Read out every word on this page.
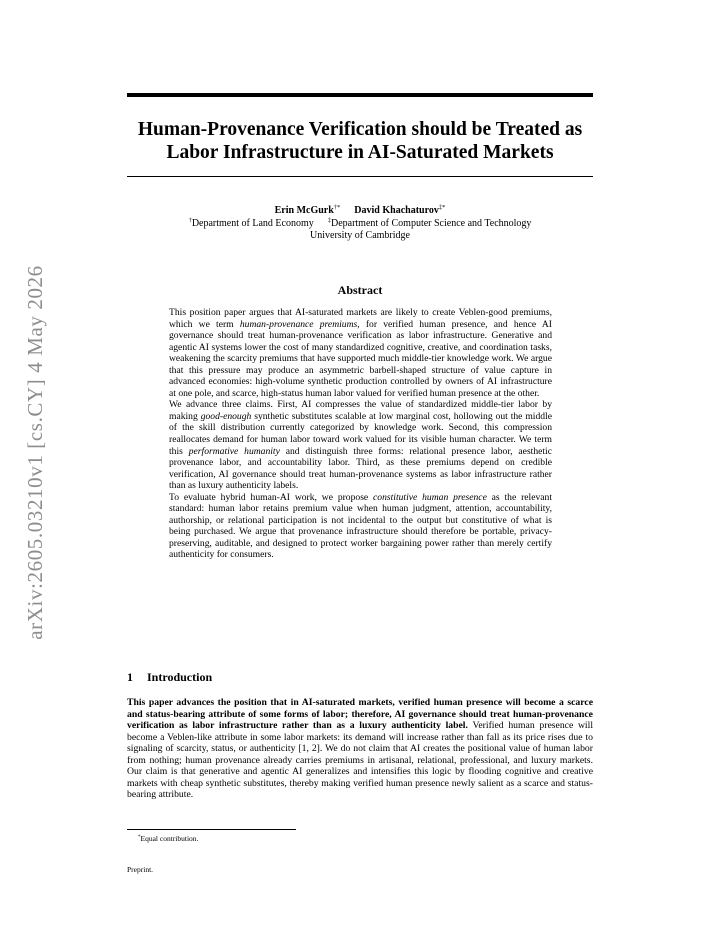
arXiv:2605.03210v1 [cs.CY] 4 May 2026
Human-Provenance Verification should be Treated as
Labor Infrastructure in AI-Saturated Markets
Erin McGurk†* David Khachaturov‡*
†Department of Land Economy ‡Department of Computer Science and Technology
University of Cambridge
Abstract

This position paper argues that AI-saturated markets are likely to create Veblen-good premiums, which we term human-provenance premiums, for verified human presence, and hence AI governance should treat human-provenance verification as labor infrastructure. Generative and agentic AI systems lower the cost of many standardized cognitive, creative, and coordination tasks, weakening the scarcity premiums that have supported much middle-tier knowledge work. We argue that this pressure may produce an asymmetric barbell-shaped structure of value capture in advanced economies: high-volume synthetic production controlled by owners of AI infrastructure at one pole, and scarce, high-status human labor valued for verified human presence at the other.

We advance three claims. First, AI compresses the value of standardized middle-tier labor by making good-enough synthetic substitutes scalable at low marginal cost, hollowing out the middle of the skill distribution currently categorized by knowledge work. Second, this compression reallocates demand for human labor toward work valued for its visible human character. We term this performative humanity and distinguish three forms: relational presence labor, aesthetic provenance labor, and accountability labor. Third, as these premiums depend on credible verification, AI governance should treat human-provenance systems as labor infrastructure rather than as luxury authenticity labels.

To evaluate hybrid human-AI work, we propose constitutive human presence as the relevant standard: human labor retains premium value when human judgment, attention, accountability, authorship, or relational participation is not incidental to the output but constitutive of what is being purchased. We argue that provenance infrastructure should therefore be portable, privacy-preserving, auditable, and designed to protect worker bargaining power rather than merely certify authenticity for consumers.

1 Introduction

This paper advances the position that in AI-saturated markets, verified human presence will become a scarce and status-bearing attribute of some forms of labor; therefore, AI governance should treat human-provenance verification as labor infrastructure rather than as a luxury authenticity label. Verified human presence will become a Veblen-like attribute in some labor markets: its demand will increase rather than fall as its price rises due to signaling of scarcity, status, or authenticity [1, 2]. We do not claim that AI creates the positional value of human labor from nothing; human provenance already carries premiums in artisanal, relational, professional, and luxury markets. Our claim is that generative and agentic AI generalizes and intensifies this logic by flooding cognitive and creative markets with cheap synthetic substitutes, thereby making verified human presence newly salient as a scarce and status-bearing attribute.

*Equal contribution.
Preprint.
